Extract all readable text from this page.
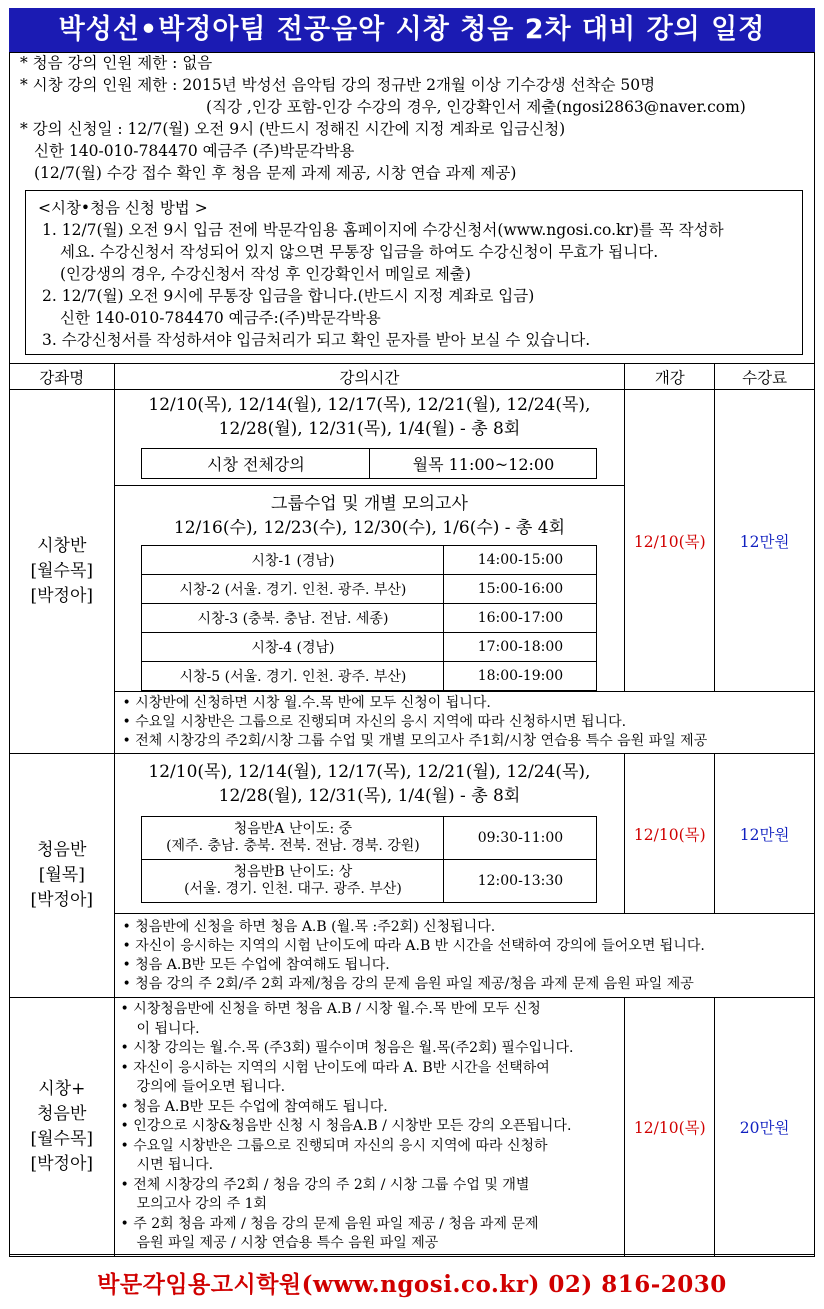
박성선•박정아팀 전공음악 시창 청음 2차 대비 강의 일정
* 청음 강의 인원 제한 : 없음
* 시창 강의 인원 제한 : 2015년 박성선 음악팀 강의 정규반 2개월 이상 기수강생 선착순 50명
(직강 ,인강 포함-인강 수강의 경우, 인강확인서 제출(ngosi2863@naver.com)
* 강의 신청일 : 12/7(월) 오전 9시 (반드시 정해진 시간에 지정 계좌로 입금신청)
신한 140-010-784470 예금주 (주)박문각박용
(12/7(월) 수강 접수 확인 후 청음 문제 과제 제공, 시창 연습 과제 제공)
<시창•청음 신청 방법 >
1. 12/7(월) 오전 9시 입금 전에 박문각임용 홈페이지에 수강신청서(www.ngosi.co.kr)를 꼭 작성하
세요. 수강신청서 작성되어 있지 않으면 무통장 입금을 하여도 수강신청이 무효가 됩니다.
(인강생의 경우, 수강신청서 작성 후 인강확인서 메일로 제출)
2. 12/7(월) 오전 9시에 무통장 입금을 합니다.(반드시 지정 계좌로 입금)
신한 140-010-784470 예금주:(주)박문각박용
3. 수강신청서를 작성하셔야 입금처리가 되고 확인 문자를 받아 보실 수 있습니다.
강좌명	강의시간	개강	수강료

시창반
[월수목]
[박정아]

12/10(목), 12/14(월), 12/17(목), 12/21(월), 12/24(목),
12/28(월), 12/31(목), 1/4(월) - 총 8회
시창 전체강의	월목 11:00~12:00
그룹수업 및 개별 모의고사
12/16(수), 12/23(수), 12/30(수), 1/6(수) - 총 4회
시창-1 (경남)	14:00-15:00
시창-2 (서울. 경기. 인천. 광주. 부산)	15:00-16:00
시창-3 (충북. 충남. 전남. 세종)	16:00-17:00
시창-4 (경남)	17:00-18:00
시창-5 (서울. 경기. 인천. 광주. 부산)	18:00-19:00
	12/10(목)	12만원

• 시창반에 신청하면 시창 월.수.목 반에 모두 신청이 됩니다.
• 수요일 시창반은 그룹으로 진행되며 자신의 응시 지역에 따라 신청하시면 됩니다.
• 전체 시창강의 주2회/시창 그룹 수업 및 개별 모의고사 주1회/시창 연습용 특수 음원 파일 제공

청음반
[월목]
[박정아]

12/10(목), 12/14(월), 12/17(목), 12/21(월), 12/24(목),
12/28(월), 12/31(목), 1/4(월) - 총 8회
청음반A 난이도: 중
(제주. 충남. 충북. 전북. 전남. 경북. 강원)	09:30-11:00

청음반B 난이도: 상
(서울. 경기. 인천. 대구. 광주. 부산)	12:00-13:30
	12/10(목)	12만원

• 청음반에 신청을 하면 청음 A.B (월.목 :주2회) 신청됩니다.
• 자신이 응시하는 지역의 시험 난이도에 따라 A.B 반 시간을 선택하여 강의에 들어오면 됩니다.
• 청음 A.B반 모든 수업에 참여해도 됩니다.
• 청음 강의 주 2회/주 2회 과제/청음 강의 문제 음원 파일 제공/청음 과제 문제 음원 파일 제공

시창+
청음반
[월수목]
[박정아]

• 시창청음반에 신청을 하면 청음 A.B / 시창 월.수.목 반에 모두 신청
이 됩니다.
• 시창 강의는 월.수.목 (주3회) 필수이며 청음은 월.목(주2회) 필수입니다.
• 자신이 응시하는 지역의 시험 난이도에 따라 A. B반 시간을 선택하여
강의에 들어오면 됩니다.
• 청음 A.B반 모든 수업에 참여해도 됩니다.
• 인강으로 시창&청음반 신청 시 청음A.B / 시창반 모든 강의 오픈됩니다.
• 수요일 시창반은 그룹으로 진행되며 자신의 응시 지역에 따라 신청하
시면 됩니다.
• 전체 시창강의 주2회 / 청음 강의 주 2회 / 시창 그룹 수업 및 개별
모의고사 강의 주 1회
• 주 2회 청음 과제 / 청음 강의 문제 음원 파일 제공 / 청음 과제 문제
음원 파일 제공 / 시창 연습용 특수 음원 파일 제공
	12/10(목)	20만원
박문각임용고시학원(www.ngosi.co.kr) 02) 816-2030
